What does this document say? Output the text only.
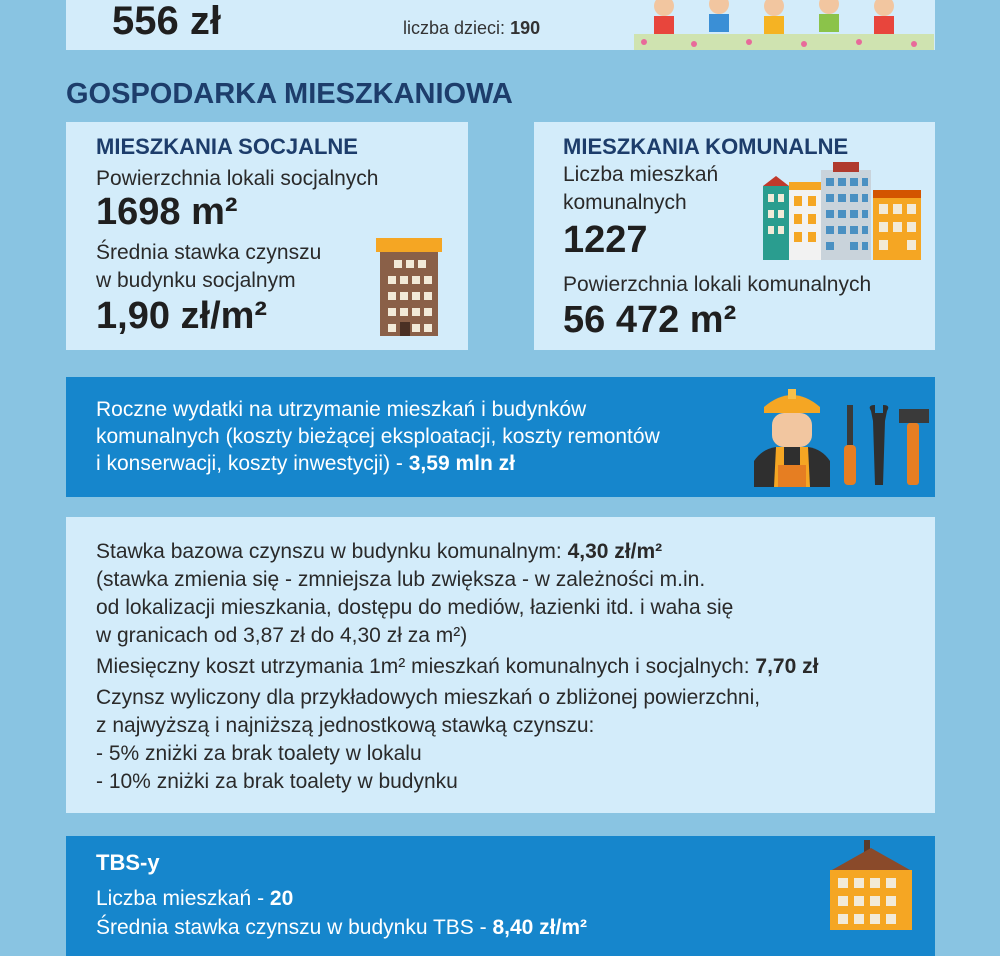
556 zł	liczba dzieci: 190
GOSPODARKA MIESZKANIOWA
MIESZKANIA SOCJALNE
Powierzchnia lokali socjalnych
1698 m²
Średnia stawka czynszu
w budynku socjalnym
1,90 zł/m²
MIESZKANIA KOMUNALNE
Liczba mieszkań
komunalnych
1227
Powierzchnia lokali komunalnych
56 472 m²
Roczne wydatki na utrzymanie mieszkań i budynków
komunalnych (koszty bieżącej eksploatacji, koszty remontów
i konserwacji, koszty inwestycji) - 3,59 mln zł
Stawka bazowa czynszu w budynku komunalnym: 4,30 zł/m²
(stawka zmienia się - zmniejsza lub zwiększa - w zależności m.in.
od lokalizacji mieszkania, dostępu do mediów, łazienki itd. i waha się
w granicach od 3,87 zł do 4,30 zł za m²)
Miesięczny koszt utrzymania 1m² mieszkań komunalnych i socjalnych: 7,70 zł
Czynsz wyliczony dla przykładowych mieszkań o zbliżonej powierzchni,
z najwyższą i najniższą jednostkową stawką czynszu:
- 5% zniżki za brak toalety w lokalu
- 10% zniżki za brak toalety w budynku
TBS-y
Liczba mieszkań - 20
Średnia stawka czynszu w budynku TBS - 8,40 zł/m²
